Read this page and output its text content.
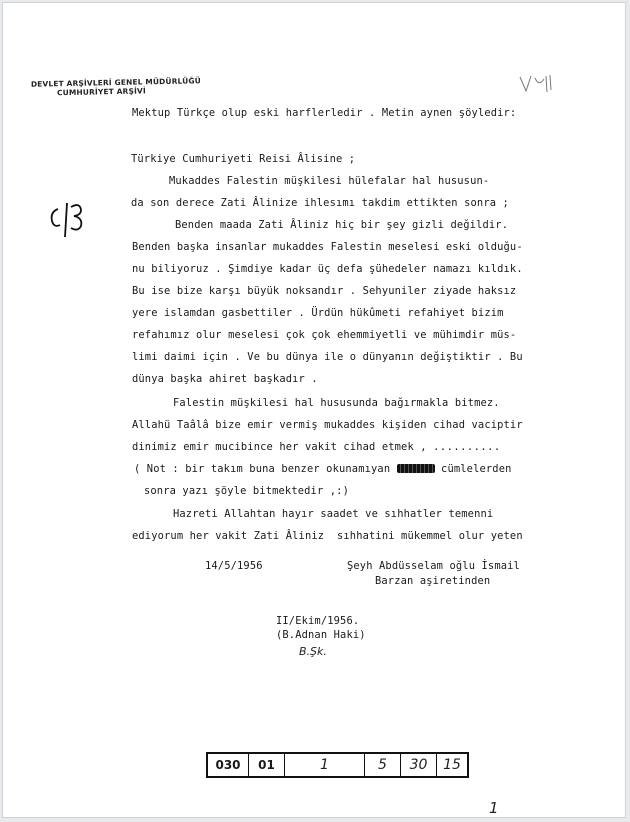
DEVLET ARŞİVLERİ GENEL MÜDÜRLÜĞÜ
CUMHURİYET ARŞİVİ
Mektup Türkçe olup eski harflerledir . Metin aynen şöyledir:
Türkiye Cumhuriyeti Reisi Âlisine ;
Mukaddes Falestin müşkilesi hülefalar hal hususun-
da son derece Zati Âlinize ihlesımı takdim ettikten sonra ;
Benden maada Zati Âliniz hiç bir şey gizli değildir.
Benden başka insanlar mukaddes Falestin meselesi eski olduğu-
nu biliyoruz . Şimdiye kadar üç defa şühedeler namazı kıldık.
Bu ise bize karşı büyük noksandır . Sehyuniler ziyade haksız
yere islamdan gasbettiler . Ürdün hükûmeti refahiyet bizim
refahımız olur meselesi çok çok ehemmiyetli ve mühimdir müs-
limi daimi için . Ve bu dünya ile o dünyanın değiştiktir . Bu
dünya başka ahiret başkadır .
Falestin müşkilesi hal hususunda bağırmakla bitmez.
Allahü Taâlâ bize emir vermiş mukaddes kişiden cihad vaciptir
dinimiz emir mucibince her vakit cihad etmek , ..........
( Not : bir takım buna benzer okunamıyan	cümlelerden
sonra yazı şöyle bitmektedir ,:)
Hazreti Allahtan hayır saadet ve sıhhatler temenni
ediyorum her vakit Zati Âliniz  sıhhatini mükemmel olur yeten
14/5/1956	Şeyh Abdüsselam oğlu İsmail
Barzan aşiretinden
II/Ekim/1956.
(B.Adnan Haki)
B.Şk.
030	01	1	5	30	15
1
